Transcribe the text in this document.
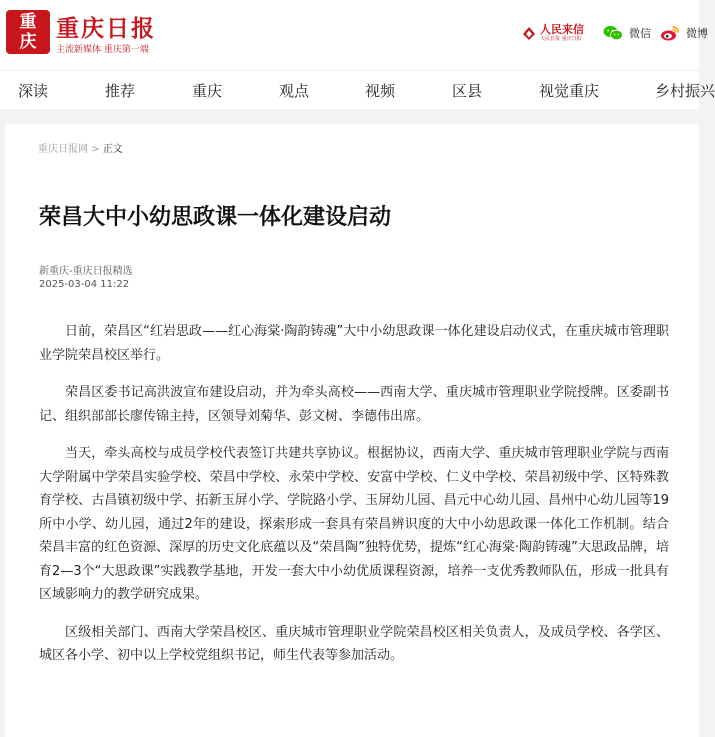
重
庆 重庆日报
主流新媒体 重庆第一端
人民来信
人民日报 重庆日报	微信	微博
深读	推荐	重庆	观点	视频	区县	视觉重庆	乡村振兴
重庆日报网 > 正文
荣昌大中小幼思政课一体化建设启动
新重庆-重庆日报精选
2025-03-04 11:22

日前，荣昌区“红岩思政——红心海棠·陶韵铸魂”大中小幼思政课一体化建设启动仪式，在重庆城市管理职业学院荣昌校区举行。

荣昌区委书记高洪波宣布建设启动，并为牵头高校——西南大学、重庆城市管理职业学院授牌。区委副书记、组织部部长廖传锦主持，区领导刘菊华、彭文树、李德伟出席。

当天，牵头高校与成员学校代表签订共建共享协议。根据协议，西南大学、重庆城市管理职业学院与西南大学附属中学荣昌实验学校、荣昌中学校、永荣中学校、安富中学校、仁义中学校、荣昌初级中学、区特殊教育学校、古昌镇初级中学、拓新玉屏小学、学院路小学、玉屏幼儿园、昌元中心幼儿园、昌州中心幼儿园等19所中小学、幼儿园，通过2年的建设，探索形成一套具有荣昌辨识度的大中小幼思政课一体化工作机制。结合荣昌丰富的红色资源、深厚的历史文化底蕴以及“荣昌陶”独特优势，提炼“红心海棠·陶韵铸魂”大思政品牌，培育2—3个“大思政课”实践教学基地，开发一套大中小幼优质课程资源，培养一支优秀教师队伍，形成一批具有区域影响力的教学研究成果。

区级相关部门、西南大学荣昌校区、重庆城市管理职业学院荣昌校区相关负责人，及成员学校、各学区、城区各小学、初中以上学校党组织书记，师生代表等参加活动。
